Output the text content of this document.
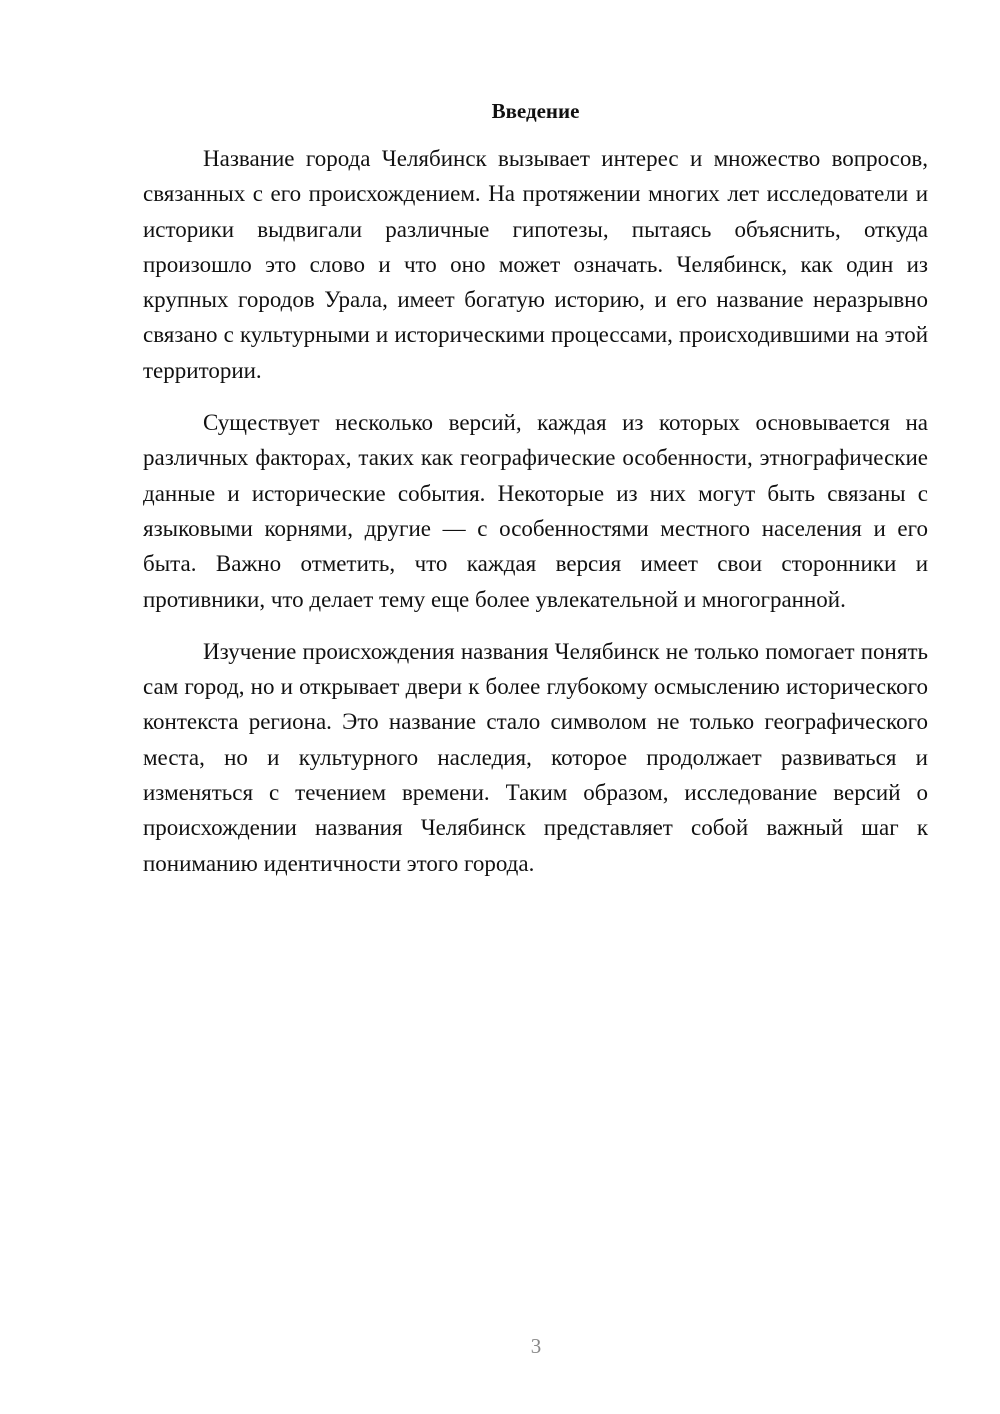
Введение

Название города Челябинск вызывает интерес и множество вопросов, связанных с его происхождением. На протяжении многих лет исследователи и историки выдвигали различные гипотезы, пытаясь объяснить, откуда произошло это слово и что оно может означать. Челябинск, как один из крупных городов Урала, имеет богатую историю, и его название неразрывно связано с культурными и историческими процессами, происходившими на этой территории.

Существует несколько версий, каждая из которых основывается на различных факторах, таких как географические особенности, этнографические данные и исторические события. Некоторые из них могут быть связаны с языковыми корнями, другие — с особенностями местного населения и его быта. Важно отметить, что каждая версия имеет свои сторонники и противники, что делает тему еще более увлекательной и многогранной.

Изучение происхождения названия Челябинск не только помогает понять сам город, но и открывает двери к более глубокому осмыслению исторического контекста региона. Это название стало символом не только географического места, но и культурного наследия, которое продолжает развиваться и изменяться с течением времени. Таким образом, исследование версий о происхождении названия Челябинск представляет собой важный шаг к пониманию идентичности этого города.

3
